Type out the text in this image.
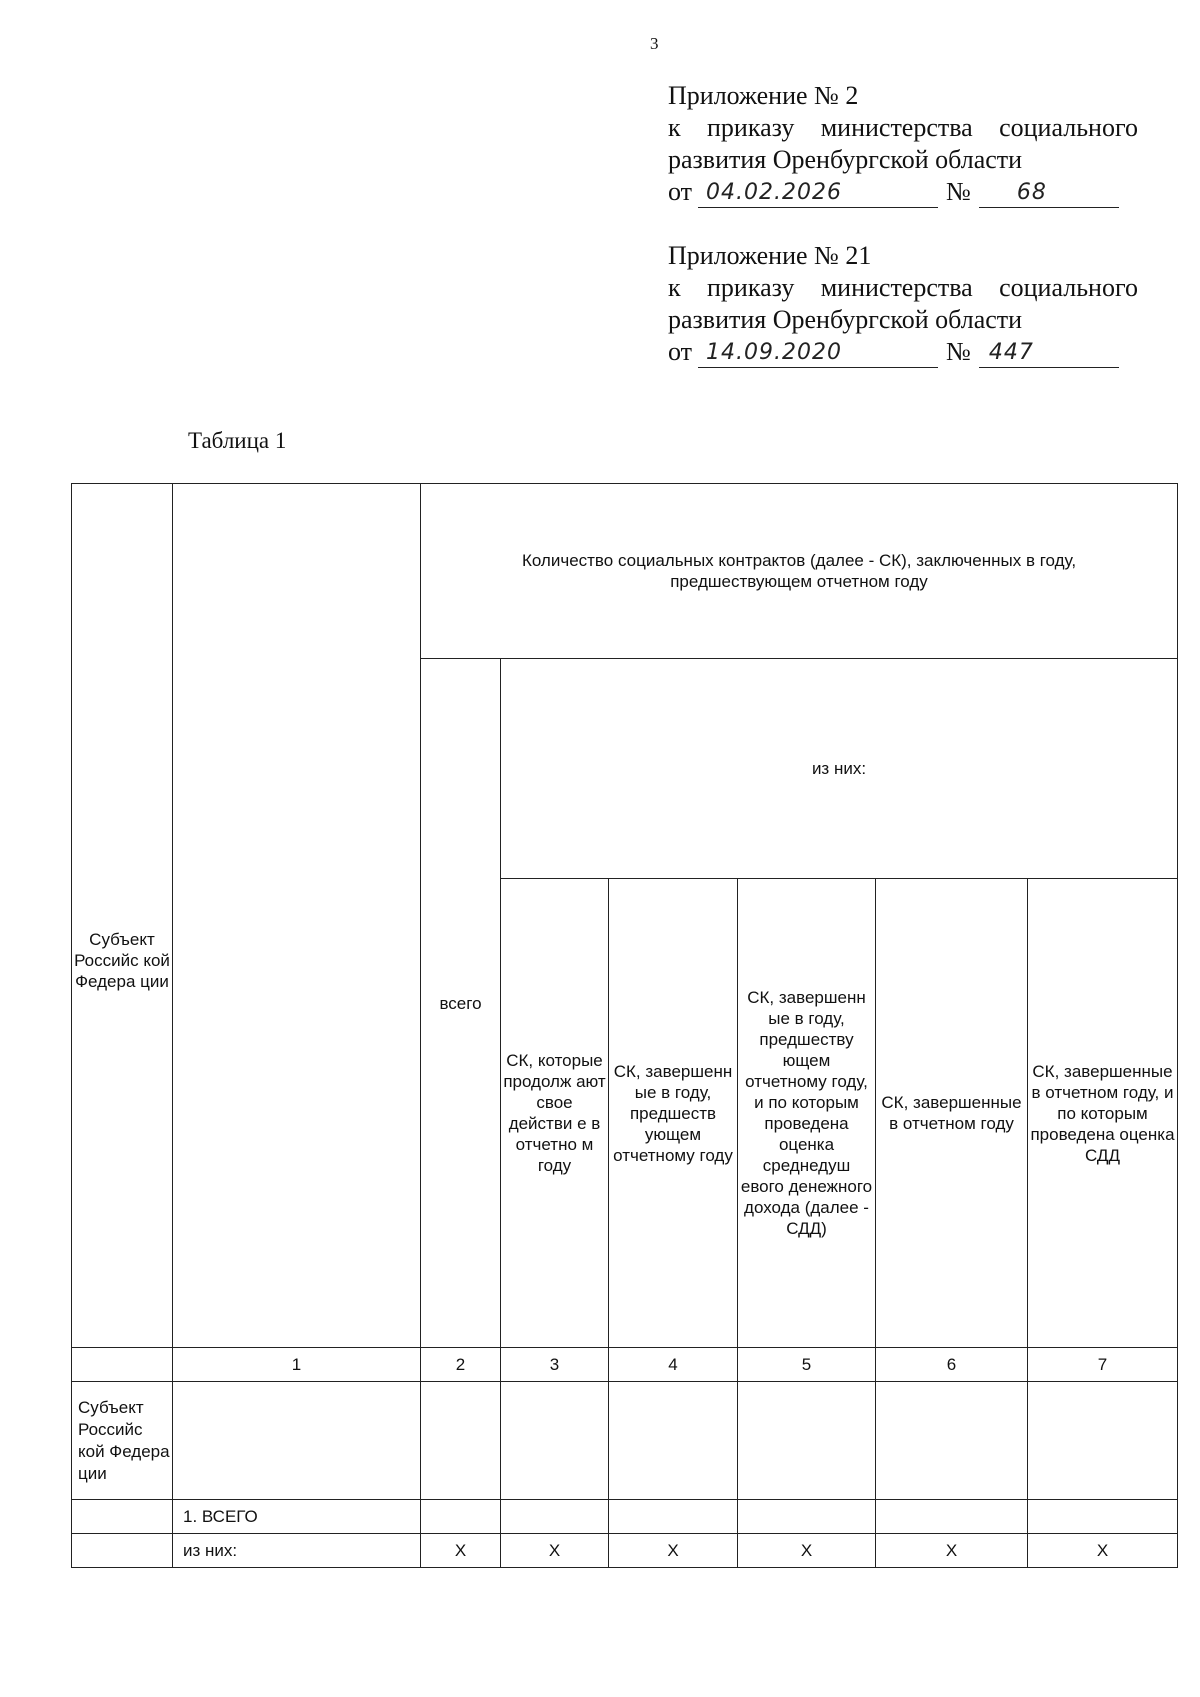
3
Приложение № 2
к приказу министерства социального
развития Оренбургской области
от 04.02.2026	№ 68
Приложение № 21
к приказу министерства социального
развития Оренбургской области
от 14.09.2020	№ 447
Таблица 1
Субъект Российс кой Федера ции		Количество социальных контрактов (далее - СК), заключенных в году, предшествующем отчетном году					
		всего	из них:				
			СК, которые продолж ают свое действи е в отчетно м году	СК, завершенн ые в году, предшеств ующем отчетному году	СК, завершенн ые в году, предшеству ющем отчетному году, и по которым проведена оценка среднедуш евого денежного дохода (далее - СДД)	СК, завершенные в отчетном году	СК, завершенные в отчетном году, и по которым проведена оценка СДД
	1	2	3	4	5	6	7
Субъект Российс кой Федера ции							
	1. ВСЕГО						
	из них:	Х	Х	Х	Х	Х	Х
